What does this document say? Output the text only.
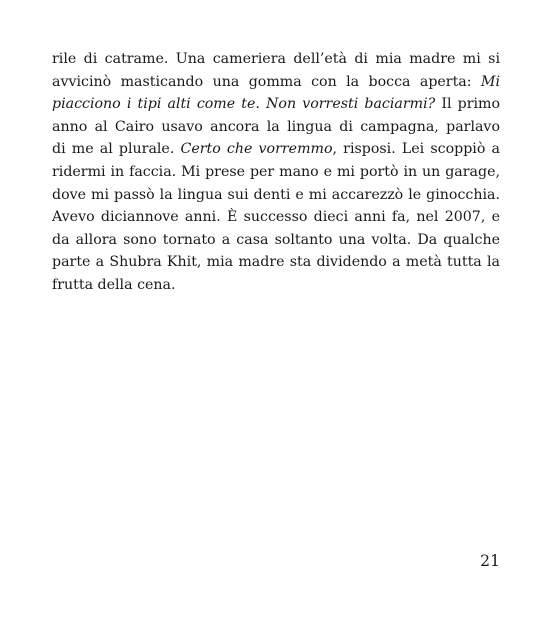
rile di catrame. Una cameriera dell’età di mia madre mi si
avvicinò masticando una gomma con la bocca aperta: Mi
piacciono i tipi alti come te. Non vorresti baciarmi? Il primo
anno al Cairo usavo ancora la lingua di campagna, parlavo
di me al plurale. Certo che vorremmo, risposi. Lei scoppiò a
ridermi in faccia. Mi prese per mano e mi portò in un garage,
dove mi passò la lingua sui denti e mi accarezzò le ginocchia.
Avevo diciannove anni. È successo dieci anni fa, nel 2007, e
da allora sono tornato a casa soltanto una volta. Da qualche
parte a Shubra Khit, mia madre sta dividendo a metà tutta la
frutta della cena.
21
